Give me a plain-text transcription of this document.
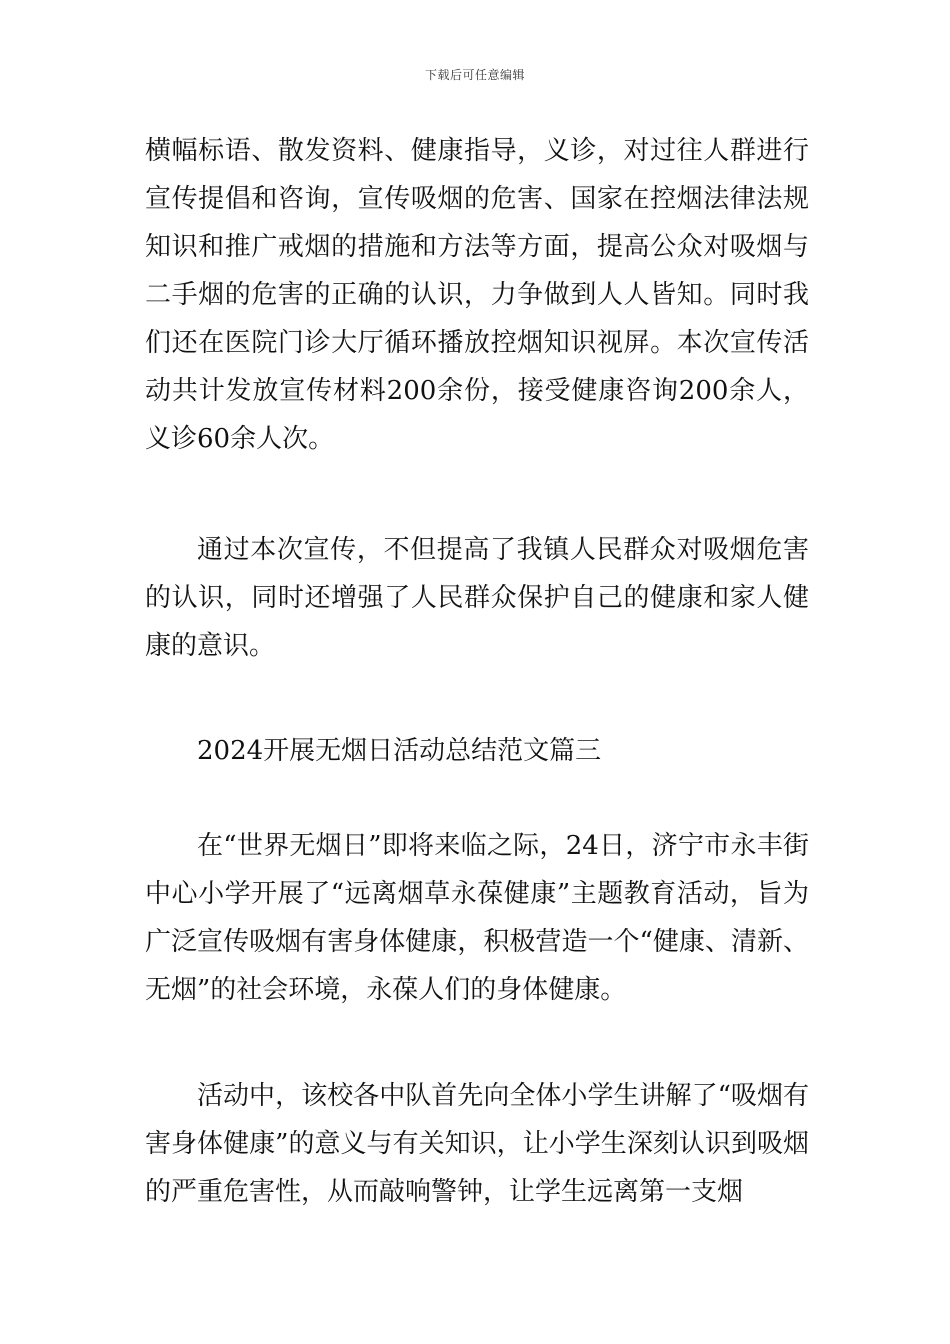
下载后可任意编辑

横幅标语、散发资料、健康指导，义诊，对过往人群进行宣传提倡和咨询，宣传吸烟的危害、国家在控烟法律法规知识和推广戒烟的措施和方法等方面，提高公众对吸烟与二手烟的危害的正确的认识，力争做到人人皆知。同时我们还在医院门诊大厅循环播放控烟知识视屏。本次宣传活动共计发放宣传材料200余份，接受健康咨询200余人，义诊60余人次。

通过本次宣传，不但提高了我镇人民群众对吸烟危害的认识，同时还增强了人民群众保护自己的健康和家人健康的意识。

2024开展无烟日活动总结范文篇三

在“世界无烟日”即将来临之际，24日，济宁市永丰街中心小学开展了“远离烟草永葆健康”主题教育活动，旨为广泛宣传吸烟有害身体健康，积极营造一个“健康、清新、无烟”的社会环境，永葆人们的身体健康。

活动中，该校各中队首先向全体小学生讲解了“吸烟有害身体健康”的意义与有关知识，让小学生深刻认识到吸烟的严重危害性，从而敲响警钟，让学生远离第一支烟
